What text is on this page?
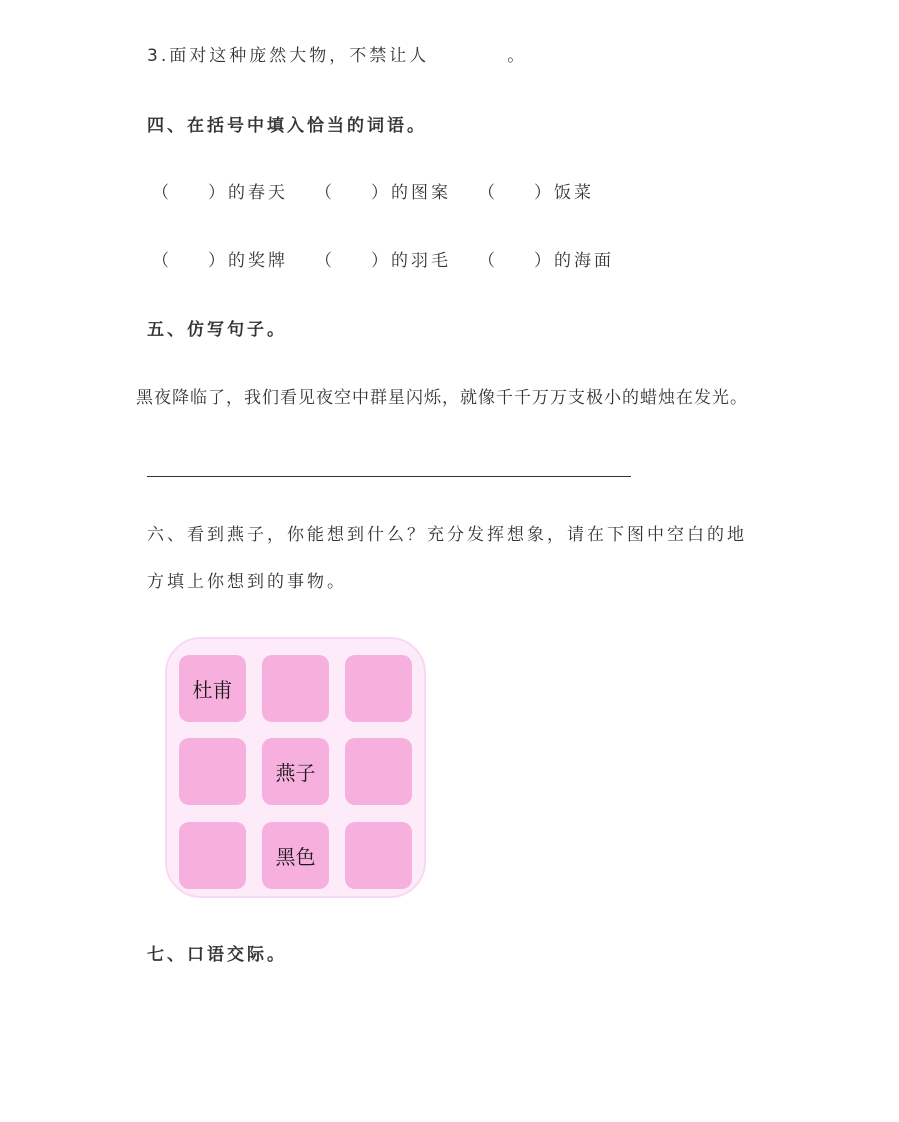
3.面对这种庞然大物，不禁让人	。
四、在括号中填入恰当的词语。
（ ）的春天 （ ）的图案 （ ）饭菜
（ ）的奖牌 （ ）的羽毛 （ ）的海面
五、仿写句子。
黑夜降临了，我们看见夜空中群星闪烁，就像千千万万支极小的蜡烛在发光。
六、看到燕子，你能想到什么？充分发挥想象，请在下图中空白的地
方填上你想到的事物。
杜甫
燕子
黑色
七、口语交际。
